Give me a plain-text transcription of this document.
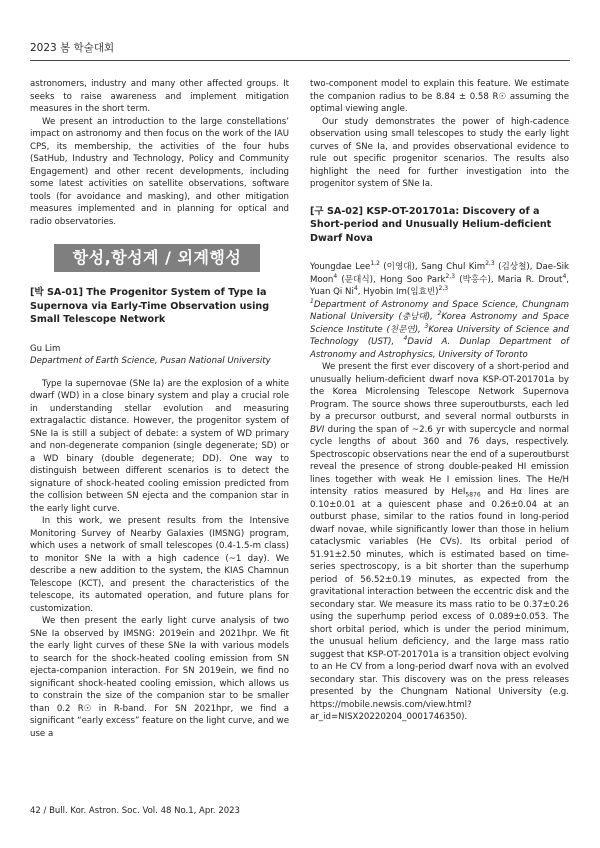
2023 봄 학술대회

astronomers, industry and many other affected groups. It seeks to raise awareness and implement mitigation measures in the short term.

We present an introduction to the large constellations’ impact on astronomy and then focus on the work of the IAU CPS, its membership, the activities of the four hubs (SatHub, Industry and Technology, Policy and Community Engagement) and other recent developments, including some latest activities on satellite observations, software tools (for avoidance and masking), and other mitigation measures implemented and in planning for optical and radio observatories.

항성,항성계 / 외계행성
[박 SA-01] The Progenitor System of Type Ia Supernova via Early-Time Observation using Small Telescope Network

Gu Lim

Department of Earth Science, Pusan National University

Type Ia supernovae (SNe Ia) are the explosion of a white dwarf (WD) in a close binary system and play a crucial role in understanding stellar evolution and measuring extragalactic distance. However, the progenitor system of SNe Ia is still a subject of debate: a system of WD primary and non-degenerate companion (single degenerate; SD) or a WD binary (double degenerate; DD). One way to distinguish between different scenarios is to detect the signature of shock-heated cooling emission predicted from the collision between SN ejecta and the companion star in the early light curve.

In this work, we present results from the Intensive Monitoring Survey of Nearby Galaxies (IMSNG) program, which uses a network of small telescopes (0.4-1.5-m class) to monitor SNe Ia with a high cadence (~1 day). We describe a new addition to the system, the KIAS Chamnun Telescope (KCT), and present the characteristics of the telescope, its automated operation, and future plans for customization.

We then present the early light curve analysis of two SNe Ia observed by IMSNG: 2019ein and 2021hpr. We fit the early light curves of these SNe Ia with various models to search for the shock-heated cooling emission from SN ejecta-companion interaction. For SN 2019ein, we find no significant shock-heated cooling emission, which allows us to constrain the size of the companion star to be smaller than 0.2 R☉ in R-band. For SN 2021hpr, we find a significant “early excess” feature on the light curve, and we use a

two-component model to explain this feature. We estimate the companion radius to be 8.84 ± 0.58 R☉ assuming the optimal viewing angle.

Our study demonstrates the power of high-cadence observation using small telescopes to study the early light curves of SNe Ia, and provides observational evidence to rule out specific progenitor scenarios. The results also highlight the need for further investigation into the progenitor system of SNe Ia.

[구 SA-02] KSP-OT-201701a: Discovery of a Short-period and Unusually Helium-deficient Dwarf Nova

Youngdae Lee$^{1,2}$ (이영대), Sang Chul Kim$^{2,3}$ (김상철), Dae-Sik Moon$^4$ (문대식), Hong Soo Park$^{2,3}$ (박홍수), Maria R. Drout$^4$, Yuan Qi Ni$^4$, Hyobin Im(임효빈)$^{2,3}$

$^1$Department of Astronomy and Space Science, Chungnam National University (충남대), $^2$Korea Astronomy and Space Science Institute (천문연), $^3$Korea University of Science and Technology (UST), $^4$David A. Dunlap Department of Astronomy and Astrophysics, University of Toronto

We present the first ever discovery of a short-period and unusually helium-deficient dwarf nova KSP-OT-201701a by the Korea Microlensing Telescope Network Supernova Program. The source shows three superoutbursts, each led by a precursor outburst, and several normal outbursts in BVI during the span of ~2.6 yr with supercycle and normal cycle lengths of about 360 and 76 days, respectively. Spectroscopic observations near the end of a superoutburst reveal the presence of strong double-peaked HI emission lines together with weak He I emission lines. The He/H intensity ratios measured by HeI$_{5876}$ and Hα lines are 0.10±0.01 at a quiescent phase and 0.26±0.04 at an outburst phase, similar to the ratios found in long-period dwarf novae, while significantly lower than those in helium cataclysmic variables (He CVs). Its orbital period of 51.91±2.50 minutes, which is estimated based on time-series spectroscopy, is a bit shorter than the superhump period of 56.52±0.19 minutes, as expected from the gravitational interaction between the eccentric disk and the secondary star. We measure its mass ratio to be 0.37±0.26 using the superhump period excess of 0.089±0.053. The short orbital period, which is under the period minimum, the unusual helium deficiency, and the large mass ratio suggest that KSP-OT-201701a is a transition object evolving to an He CV from a long-period dwarf nova with an evolved secondary star. This discovery was on the press releases presented by the Chungnam National University (e.g. https://mobile.newsis.com/view.html?ar_id=NISX20220204_0001746350).

42 / Bull. Kor. Astron. Soc. Vol. 48 No.1, Apr. 2023
